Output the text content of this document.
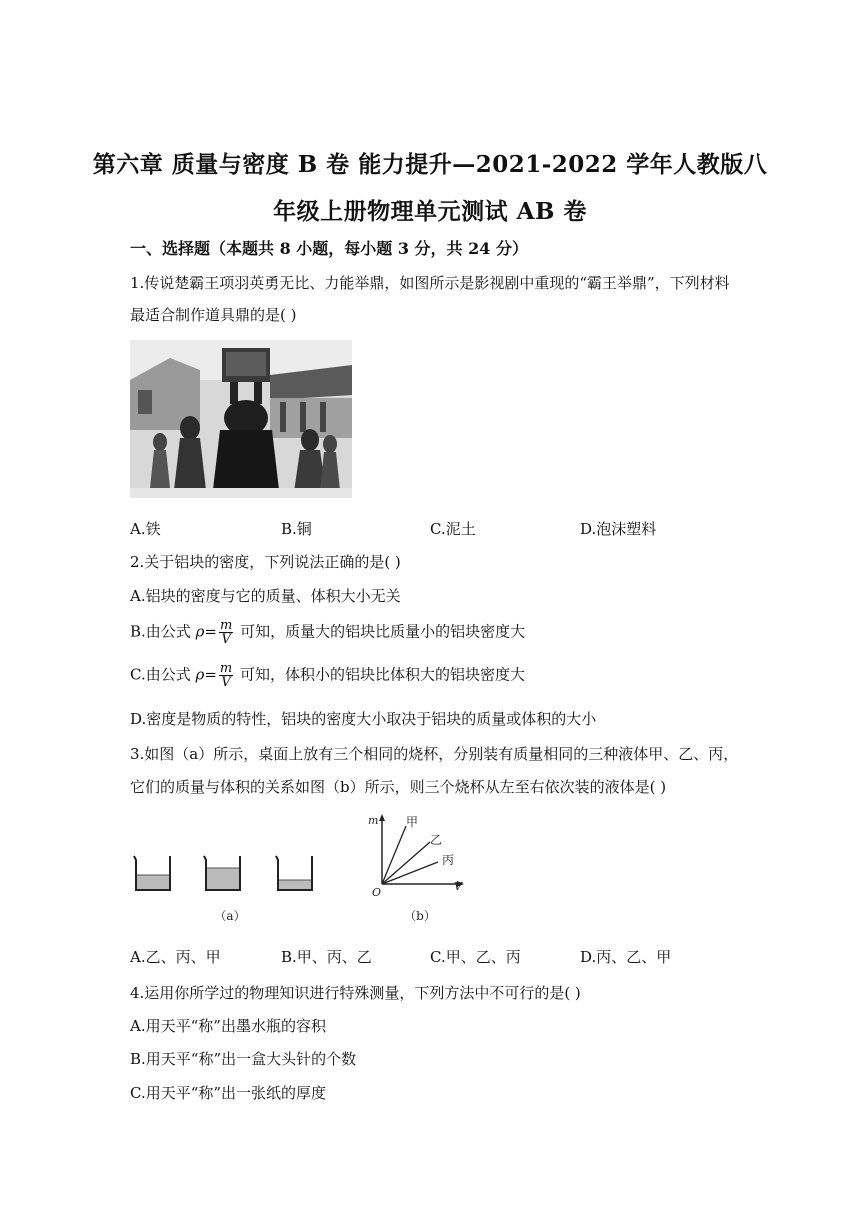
第六章 质量与密度 B 卷 能力提升—2021-2022 学年人教版八
年级上册物理单元测试 AB 卷
一、选择题（本题共 8 小题，每小题 3 分，共 24 分）
1.传说楚霸王项羽英勇无比、力能举鼎，如图所示是影视剧中重现的“霸王举鼎”，下列材料
最适合制作道具鼎的是( )
A.铁	B.铜	C.泥土	D.泡沫塑料
2.关于铝块的密度，下列说法正确的是( )
A.铝块的密度与它的质量、体积大小无关
B.由公式 $\rho= \frac{m}{V}$ 可知，质量大的铝块比质量小的铝块密度大
C.由公式 $\rho= \frac{m}{V}$ 可知，体积小的铝块比体积大的铝块密度大
D.密度是物质的特性，铝块的密度大小取决于铝块的质量或体积的大小
3.如图（a）所示，桌面上放有三个相同的烧杯，分别装有质量相同的三种液体甲、乙、丙，
它们的质量与体积的关系如图（b）所示，则三个烧杯从左至右依次装的液体是( )
（a）
m
V
O
甲
乙
丙
（b）
A.乙、丙、甲	B.甲、丙、乙	C.甲、乙、丙	D.丙、乙、甲
4.运用你所学过的物理知识进行特殊测量，下列方法中不可行的是( )
A.用天平“称”出墨水瓶的容积
B.用天平“称”出一盒大头针的个数
C.用天平“称”出一张纸的厚度
